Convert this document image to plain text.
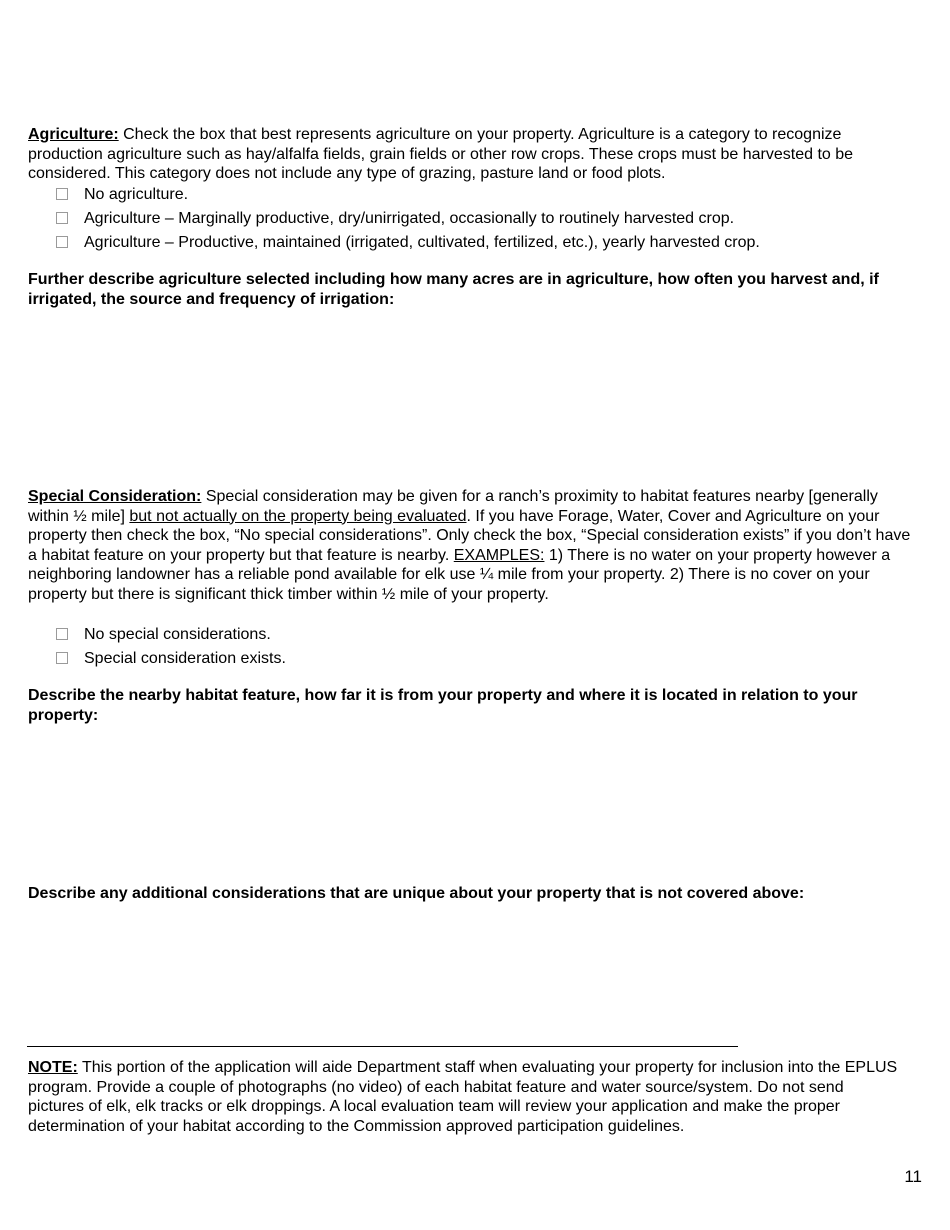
Agriculture: Check the box that best represents agriculture on your property. Agriculture is a category to recognize production agriculture such as hay/alfalfa fields, grain fields or other row crops. These crops must be harvested to be considered. This category does not include any type of grazing, pasture land or food plots.
No agriculture.
Agriculture – Marginally productive, dry/unirrigated, occasionally to routinely harvested crop.
Agriculture – Productive, maintained (irrigated, cultivated, fertilized, etc.), yearly harvested crop.
Further describe agriculture selected including how many acres are in agriculture, how often you harvest and, if irrigated, the source and frequency of irrigation:
Special Consideration: Special consideration may be given for a ranch’s proximity to habitat features nearby [generally within ½ mile] but not actually on the property being evaluated. If you have Forage, Water, Cover and Agriculture on your property then check the box, “No special considerations”. Only check the box, “Special consideration exists” if you don’t have a habitat feature on your property but that feature is nearby. EXAMPLES: 1) There is no water on your property however a neighboring landowner has a reliable pond available for elk use ¼ mile from your property. 2) There is no cover on your property but there is significant thick timber within ½ mile of your property.
No special considerations.
Special consideration exists.
Describe the nearby habitat feature, how far it is from your property and where it is located in relation to your property:
Describe any additional considerations that are unique about your property that is not covered above:
NOTE: This portion of the application will aide Department staff when evaluating your property for inclusion into the EPLUS program. Provide a couple of photographs (no video) of each habitat feature and water source/system. Do not send pictures of elk, elk tracks or elk droppings. A local evaluation team will review your application and make the proper determination of your habitat according to the Commission approved participation guidelines.
11
